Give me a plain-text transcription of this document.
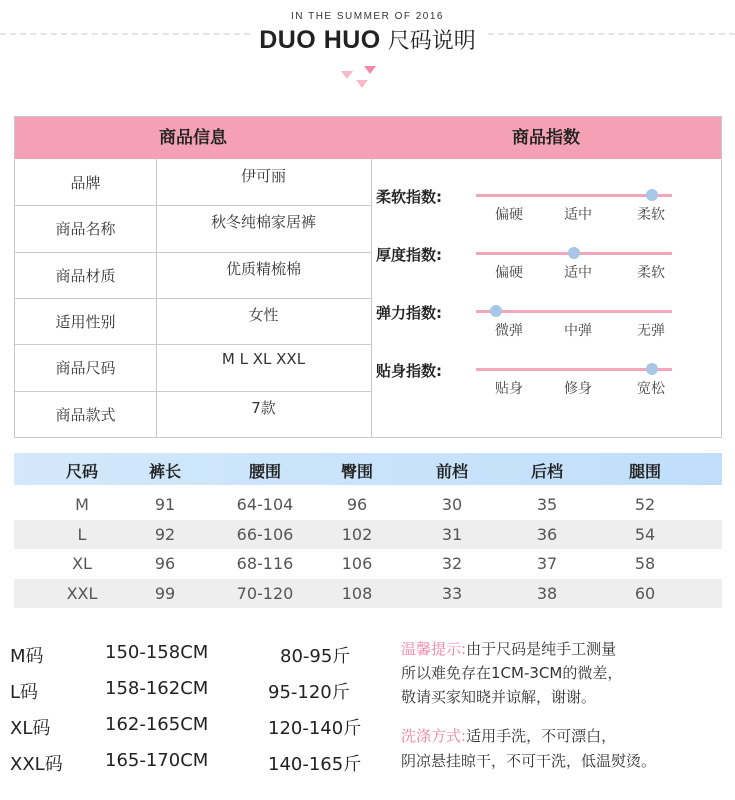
IN THE SUMMER OF 2016
DUO HUO 尺码说明
商品信息	商品指数
品牌	伊可丽
商品名称	秋冬纯棉家居裤
商品材质	优质精梳棉
适用性别	女性
商品尺码	M L XL XXL
商品款式	7款
柔软指数:
偏硬	适中	柔软
厚度指数:
偏硬	适中	柔软
弹力指数:
微弹	中弹	无弹
贴身指数:
贴身	修身	宽松
尺码	裤长	腰围	臀围	前档	后档	腿围
M	91	64-104	96	30	35	52
L	92	66-106	102	31	36	54
XL	96	68-116	106	32	37	58
XXL	99	70-120	108	33	38	60
M码	150-158CM	80-95斤
L码	158-162CM	95-120斤
XL码	162-165CM	120-140斤
XXL码 165-170CM	140-165斤
温馨提示:由于尺码是纯手工测量
所以难免存在1CM-3CM的微差，
敬请买家知晓并谅解，谢谢。
洗涤方式:适用手洗，不可漂白，
阴凉悬挂晾干，不可干洗，低温熨烫。
